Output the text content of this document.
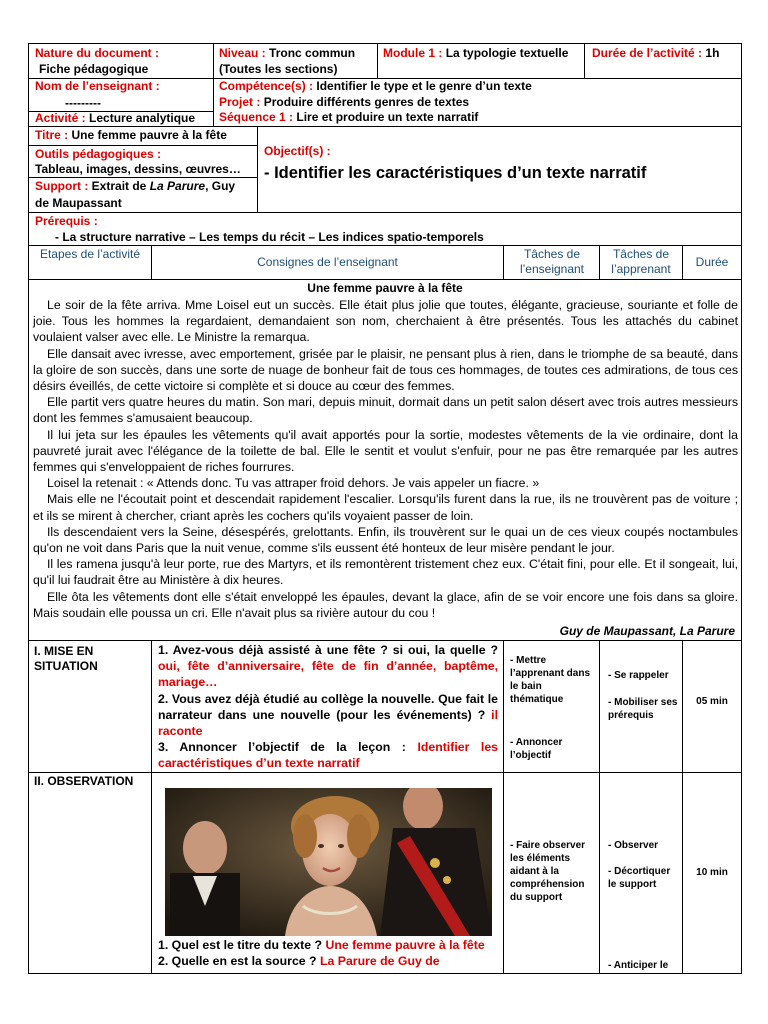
Nature du document :
Fiche pédagogique
Niveau : Tronc commun
(Toutes les sections)
Module 1 : La typologie textuelle Durée de l’activité : 1h
Nom de l’enseignant :
---------
Compétence(s) : Identifier le type et le genre d’un texte
Projet : Produire différents genres de textes
Séquence 1 : Lire et produire un texte narratif
Activité : Lecture analytique
Titre : Une femme pauvre à la fête
Outils pédagogiques :
Tableau, images, dessins, œuvres…
Support : Extrait de La Parure, Guy
de Maupassant
Objectif(s) :
- Identifier les caractéristiques d’un texte narratif
Prérequis :
- La structure narrative – Les temps du récit – Les indices spatio-temporels
Etapes de l’activité
Consignes de l’enseignant
Tâches de l’enseignant
Tâches de l’apprenant	Durée
Une femme pauvre à la fête

Le soir de la fête arriva. Mme Loisel eut un succès. Elle était plus jolie que toutes, élégante, gracieuse, souriante et folle de joie. Tous les hommes la regardaient, demandaient son nom, cherchaient à être présentés. Tous les attachés du cabinet voulaient valser avec elle. Le Ministre la remarqua.

Elle dansait avec ivresse, avec emportement, grisée par le plaisir, ne pensant plus à rien, dans le triomphe de sa beauté, dans la gloire de son succès, dans une sorte de nuage de bonheur fait de tous ces hommages, de toutes ces admirations, de tous ces désirs éveillés, de cette victoire si complète et si douce au cœur des femmes.

Elle partit vers quatre heures du matin. Son mari, depuis minuit, dormait dans un petit salon désert avec trois autres messieurs dont les femmes s'amusaient beaucoup.

Il lui jeta sur les épaules les vêtements qu'il avait apportés pour la sortie, modestes vêtements de la vie ordinaire, dont la pauvreté jurait avec l'élégance de la toilette de bal. Elle le sentit et voulut s'enfuir, pour ne pas être remarquée par les autres femmes qui s'enveloppaient de riches fourrures.

Loisel la retenait : « Attends donc. Tu vas attraper froid dehors. Je vais appeler un fiacre. »

Mais elle ne l'écoutait point et descendait rapidement l'escalier. Lorsqu'ils furent dans la rue, ils ne trouvèrent pas de voiture ; et ils se mirent à chercher, criant après les cochers qu'ils voyaient passer de loin.

Ils descendaient vers la Seine, désespérés, grelottants. Enfin, ils trouvèrent sur le quai un de ces vieux coupés noctambules qu'on ne voit dans Paris que la nuit venue, comme s'ils eussent été honteux de leur misère pendant le jour.

Il les ramena jusqu'à leur porte, rue des Martyrs, et ils remontèrent tristement chez eux. C'était fini, pour elle. Et il songeait, lui, qu'il lui faudrait être au Ministère à dix heures.

Elle ôta les vêtements dont elle s'était enveloppé les épaules, devant la glace, afin de se voir encore une fois dans sa gloire. Mais soudain elle poussa un cri. Elle n'avait plus sa rivière autour du cou !

Guy de Maupassant, La Parure
I. MISE EN SITUATION
1. Avez-vous déjà assisté à une fête ? si oui, la quelle ? oui, fête d’anniversaire, fête de fin d’année, baptême, mariage…
2. Vous avez déjà étudié au collège la nouvelle. Que fait le narrateur dans une nouvelle (pour les événements) ? il raconte
3. Annoncer l’objectif de la leçon : Identifier les caractéristiques d’un texte narratif
- Mettre l’apprenant dans le bain thématique
- Annoncer l’objectif
- Se rappeler
- Mobiliser ses prérequis
05 min
II. OBSERVATION
1. Quel est le titre du texte ? Une femme pauvre à la fête
2. Quelle en est la source ? La Parure de Guy de
- Faire observer les éléments aidant à la compréhension du support
- Observer
- Décortiquer le support
- Anticiper le
10 min
